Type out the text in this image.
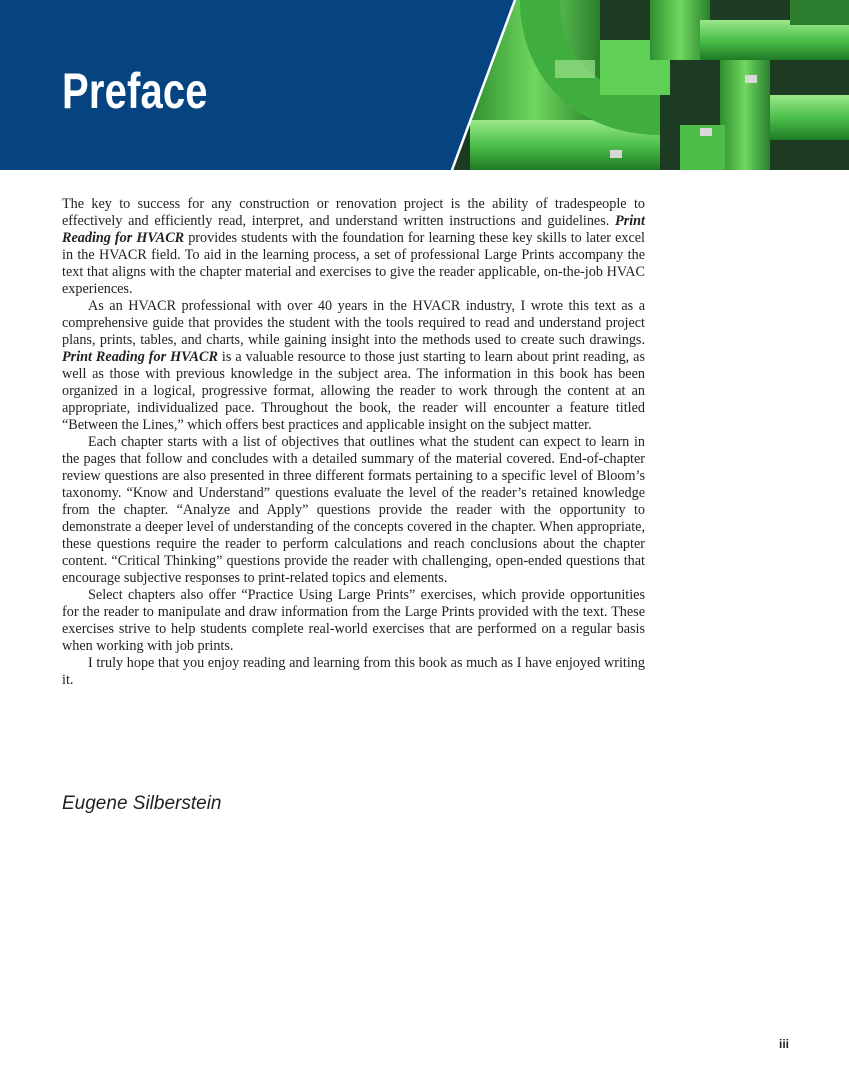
Preface

The key to success for any construction or renovation project is the ability of tradespeople to effectively and efficiently read, interpret, and understand written instructions and guidelines. Print Reading for HVACR provides students with the foundation for learning these key skills to later excel in the HVACR field. To aid in the learning process, a set of professional Large Prints accompany the text that aligns with the chapter material and exercises to give the reader applicable, on-the-job HVAC experiences.

As an HVACR professional with over 40 years in the HVACR industry, I wrote this text as a comprehensive guide that provides the student with the tools required to read and understand project plans, prints, tables, and charts, while gaining insight into the methods used to create such drawings. Print Reading for HVACR is a valuable resource to those just starting to learn about print reading, as well as those with previous knowledge in the subject area. The information in this book has been organized in a logical, progressive format, allowing the reader to work through the content at an appropriate, individualized pace. Throughout the book, the reader will encounter a feature titled “Between the Lines,” which offers best practices and applicable insight on the subject matter.

Each chapter starts with a list of objectives that outlines what the student can expect to learn in the pages that follow and concludes with a detailed summary of the material covered. End-of-chapter review questions are also presented in three different formats pertaining to a specific level of Bloom’s taxonomy. “Know and Understand” questions evaluate the level of the reader’s retained knowledge from the chapter. “Analyze and Apply” questions provide the reader with the opportunity to demonstrate a deeper level of understanding of the concepts covered in the chapter. When appropriate, these questions require the reader to perform calculations and reach conclusions about the chapter content. “Critical Thinking” questions provide the reader with challenging, open-ended questions that encourage subjective responses to print-related topics and elements.

Select chapters also offer “Practice Using Large Prints” exercises, which provide opportunities for the reader to manipulate and draw information from the Large Prints provided with the text. These exercises strive to help students complete real-world exercises that are performed on a regular basis when working with job prints.

I truly hope that you enjoy reading and learning from this book as much as I have enjoyed writing it.

Eugene Silberstein
iii
